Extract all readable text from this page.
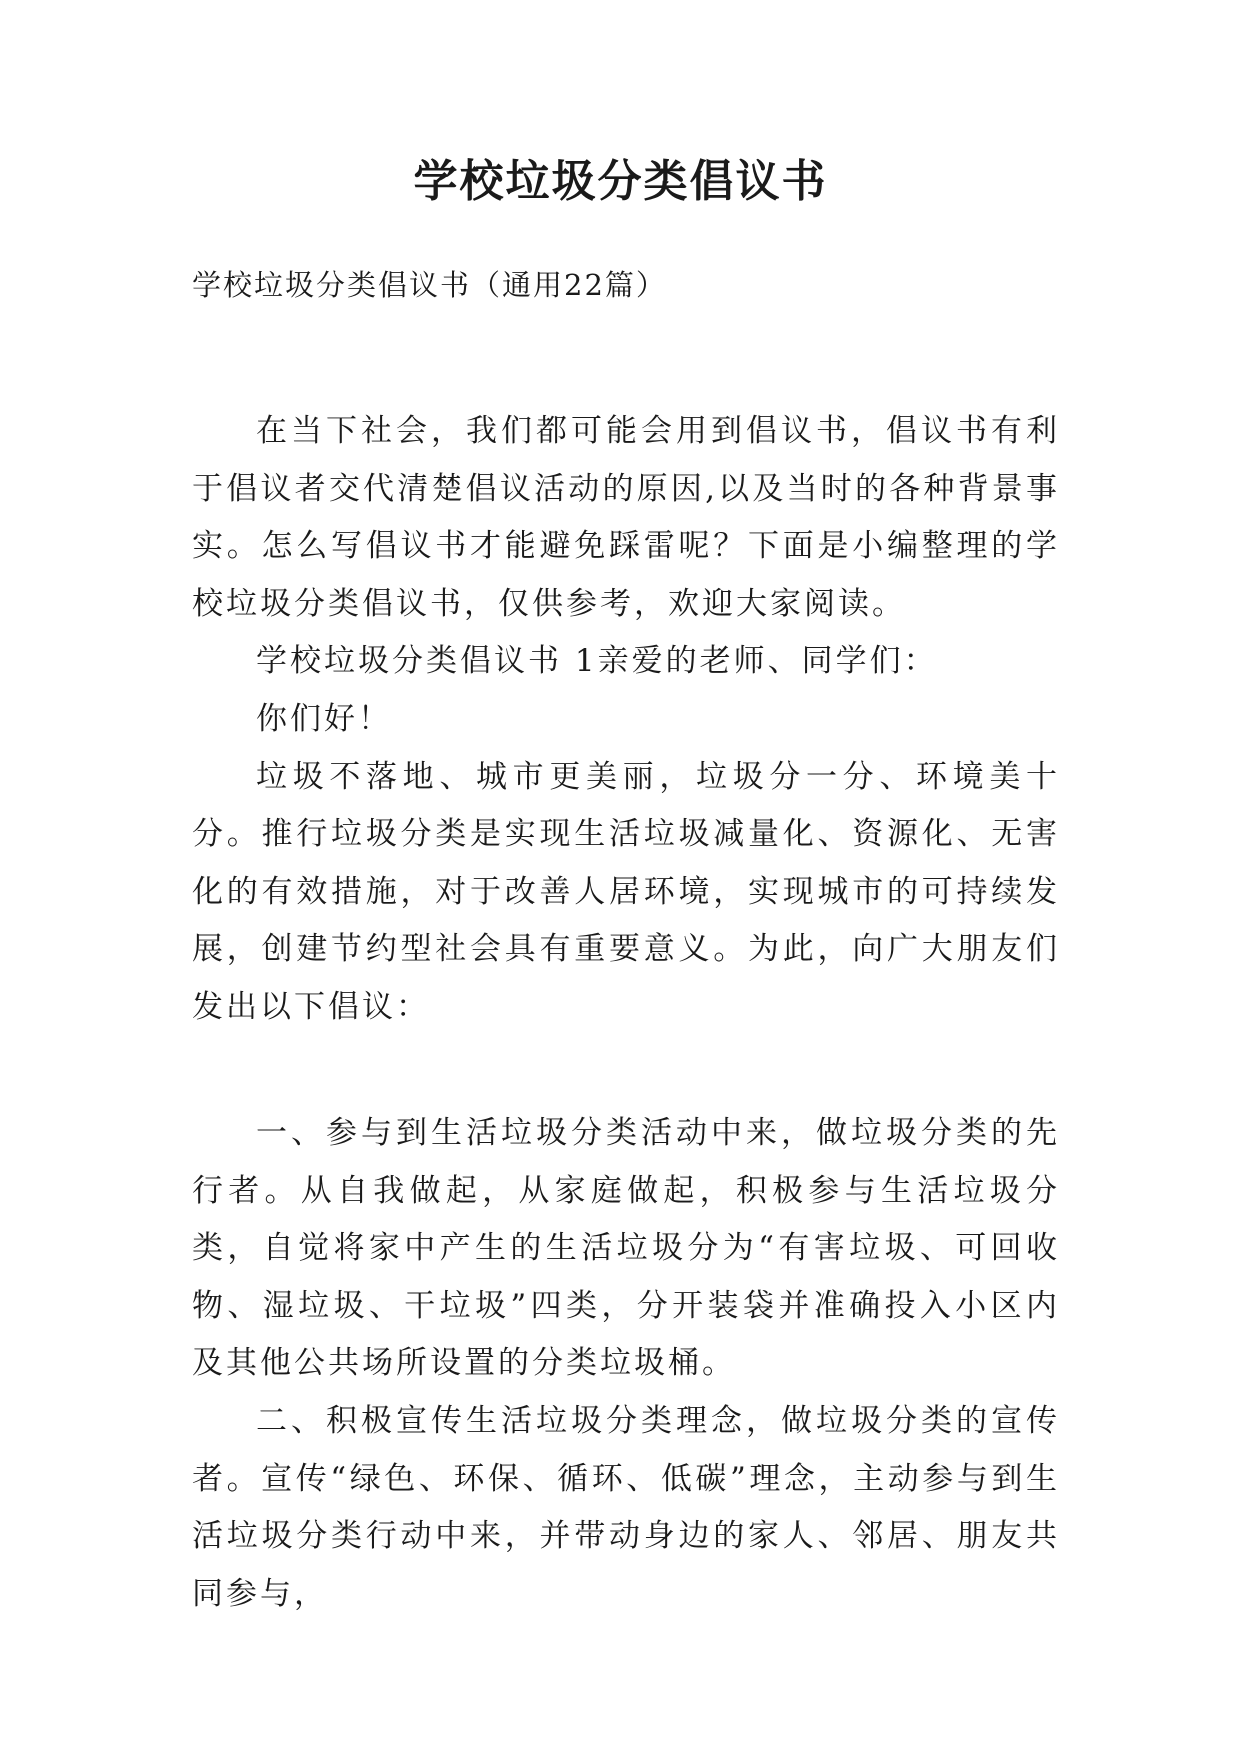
学校垃圾分类倡议书

学校垃圾分类倡议书（通用22篇）

在当下社会，我们都可能会用到倡议书，倡议书有利于倡议者交代清楚倡议活动的原因,以及当时的各种背景事实。怎么写倡议书才能避免踩雷呢？下面是小编整理的学校垃圾分类倡议书，仅供参考，欢迎大家阅读。

学校垃圾分类倡议书 1亲爱的老师、同学们：

你们好！

垃圾不落地、城市更美丽，垃圾分一分、环境美十分。推行垃圾分类是实现生活垃圾减量化、资源化、无害化的有效措施，对于改善人居环境，实现城市的可持续发展，创建节约型社会具有重要意义。为此，向广大朋友们发出以下倡议：

一、参与到生活垃圾分类活动中来，做垃圾分类的先行者。从自我做起，从家庭做起，积极参与生活垃圾分类，自觉将家中产生的生活垃圾分为“有害垃圾、可回收物、湿垃圾、干垃圾”四类，分开装袋并准确投入小区内及其他公共场所设置的分类垃圾桶。

二、积极宣传生活垃圾分类理念，做垃圾分类的宣传者。宣传“绿色、环保、循环、低碳”理念，主动参与到生活垃圾分类行动中来，并带动身边的家人、邻居、朋友共同参与，
